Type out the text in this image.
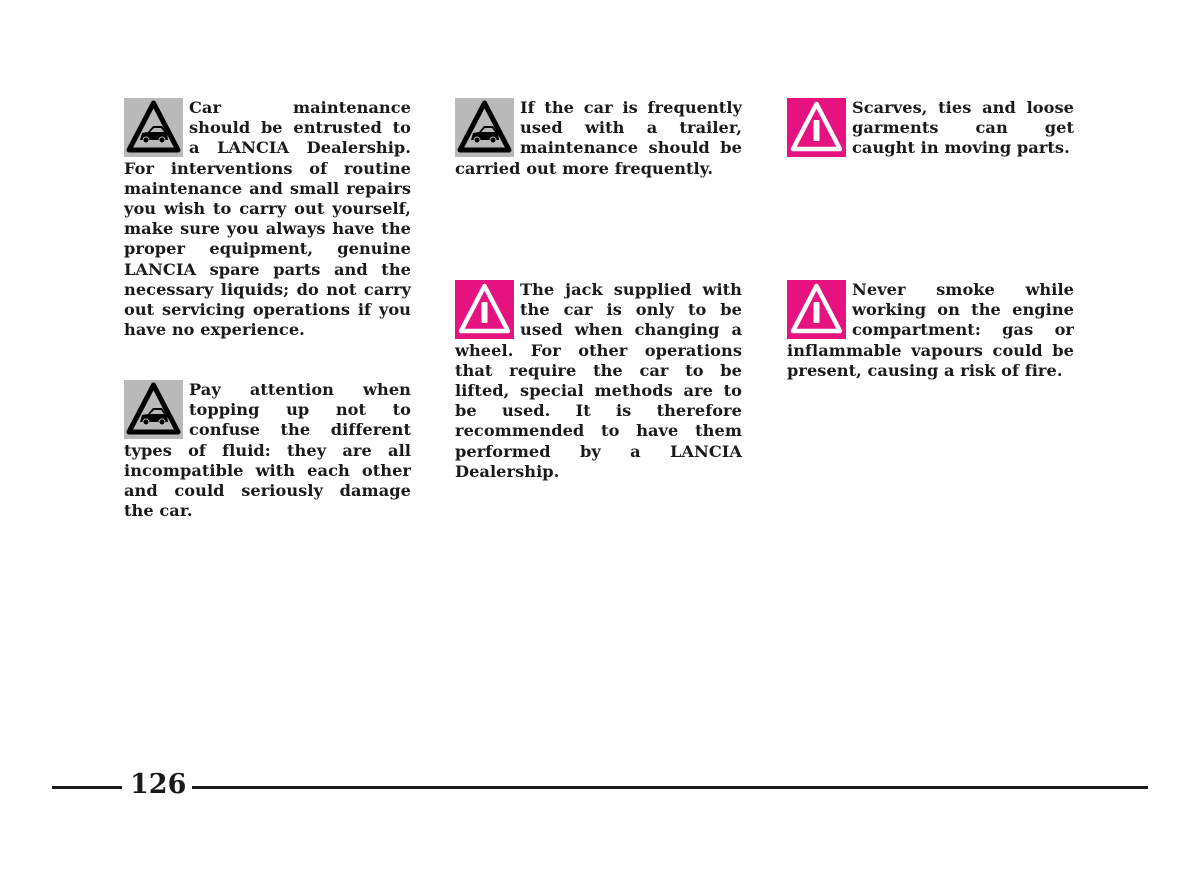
Car maintenance should be entrusted to a LANCIA Dealership. For interventions of routine maintenance and small repairs you wish to carry out yourself, make sure you always have the proper equipment, genuine LANCIA spare parts and the necessary liquids; do not carry out servicing operations if you have no experience.

Pay attention when topping up not to confuse the different types of fluid: they are all incompatible with each other and could seriously damage the car.

If the car is frequently used with a trailer, maintenance should be carried out more frequently.

The jack supplied with the car is only to be used when changing a wheel. For other operations that require the car to be lifted, special methods are to be used. It is therefore recommended to have them performed by a LANCIA Dealership.

Scarves, ties and loose garments can get caught in moving parts.

Never smoke while working on the engine compartment: gas or inflammable vapours could be present, causing a risk of fire.

126
